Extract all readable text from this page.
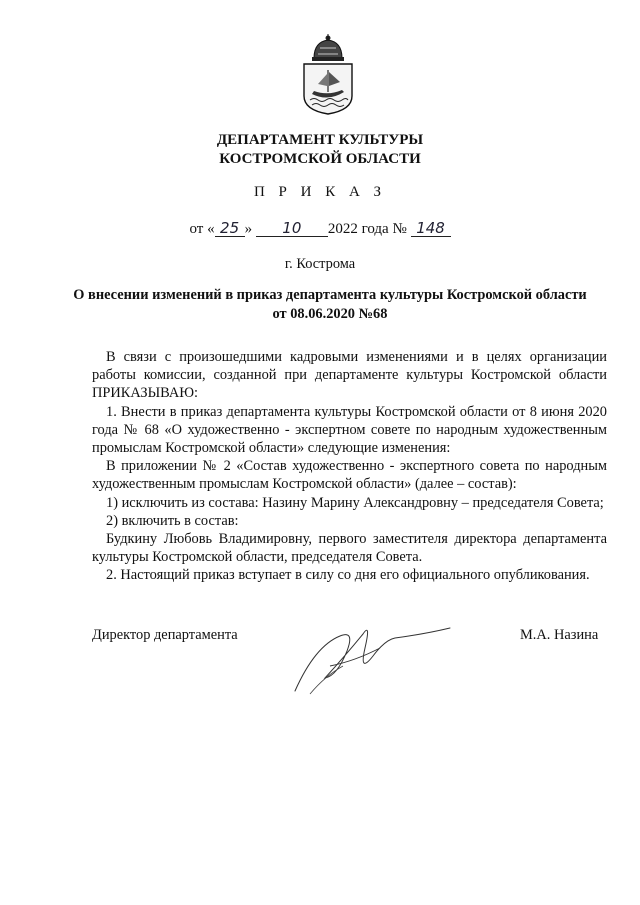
ДЕПАРТАМЕНТ КУЛЬТУРЫ
КОСТРОМСКОЙ ОБЛАСТИ
П Р И К А З
от « 25 » 10 2022 года № 148
г. Кострома
О внесении изменений в приказ департамента культуры Костромской области
от 08.06.2020 №68

В связи с произошедшими кадровыми изменениями и в целях организации работы комиссии, созданной при департаменте культуры Костромской области ПРИКАЗЫВАЮ:

1. Внести в приказ департамента культуры Костромской области от 8 июня 2020 года № 68 «О художественно - экспертном совете по народным художественным промыслам Костромской области» следующие изменения:

В приложении № 2 «Состав художественно - экспертного совета по народным художественным промыслам Костромской области» (далее – состав):

1) исключить из состава: Назину Марину Александровну – председателя Совета;

2) включить в состав:

Будкину Любовь Владимировну, первого заместителя директора департамента культуры Костромской области, председателя Совета.

2. Настоящий приказ вступает в силу со дня его официального опубликования.

Директор департамента	М.А. Назина
